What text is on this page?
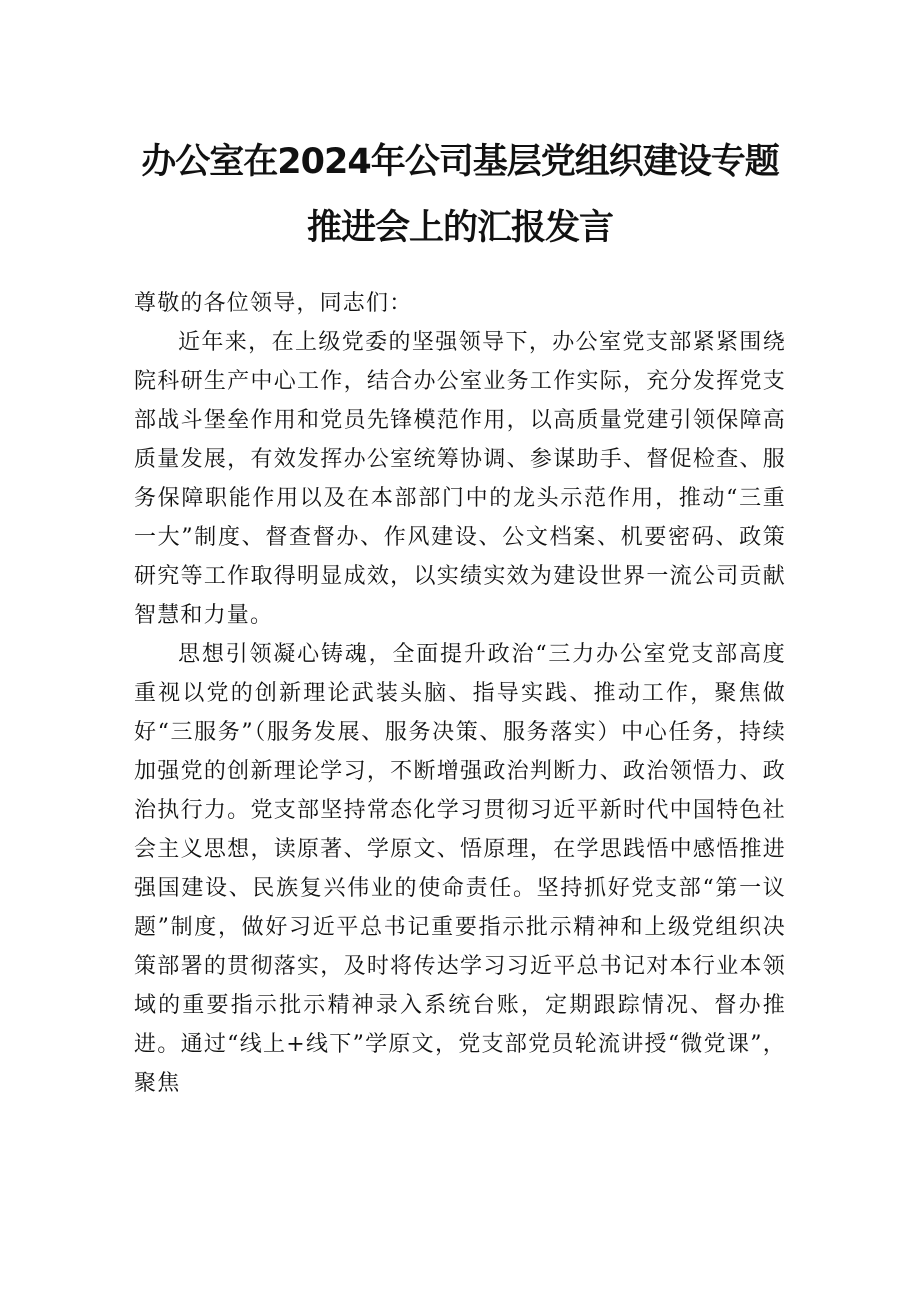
办公室在2024年公司基层党组织建设专题
推进会上的汇报发言

尊敬的各位领导，同志们：

近年来，在上级党委的坚强领导下，办公室党支部紧紧围绕院科研生产中心工作，结合办公室业务工作实际，充分发挥党支部战斗堡垒作用和党员先锋模范作用，以高质量党建引领保障高质量发展，有效发挥办公室统筹协调、参谋助手、督促检查、服务保障职能作用以及在本部部门中的龙头示范作用，推动“三重一大”制度、督查督办、作风建设、公文档案、机要密码、政策研究等工作取得明显成效，以实绩实效为建设世界一流公司贡献智慧和力量。

思想引领凝心铸魂，全面提升政治“三力办公室党支部高度重视以党的创新理论武装头脑、指导实践、推动工作，聚焦做好“三服务”（服务发展、服务决策、服务落实）中心任务，持续加强党的创新理论学习，不断增强政治判断力、政治领悟力、政治执行力。党支部坚持常态化学习贯彻习近平新时代中国特色社会主义思想，读原著、学原文、悟原理，在学思践悟中感悟推进强国建设、民族复兴伟业的使命责任。坚持抓好党支部“第一议题”制度，做好习近平总书记重要指示批示精神和上级党组织决策部署的贯彻落实，及时将传达学习习近平总书记对本行业本领域的重要指示批示精神录入系统台账，定期跟踪情况、督办推进。通过“线上+线下”学原文，党支部党员轮流讲授“微党课”，聚焦
